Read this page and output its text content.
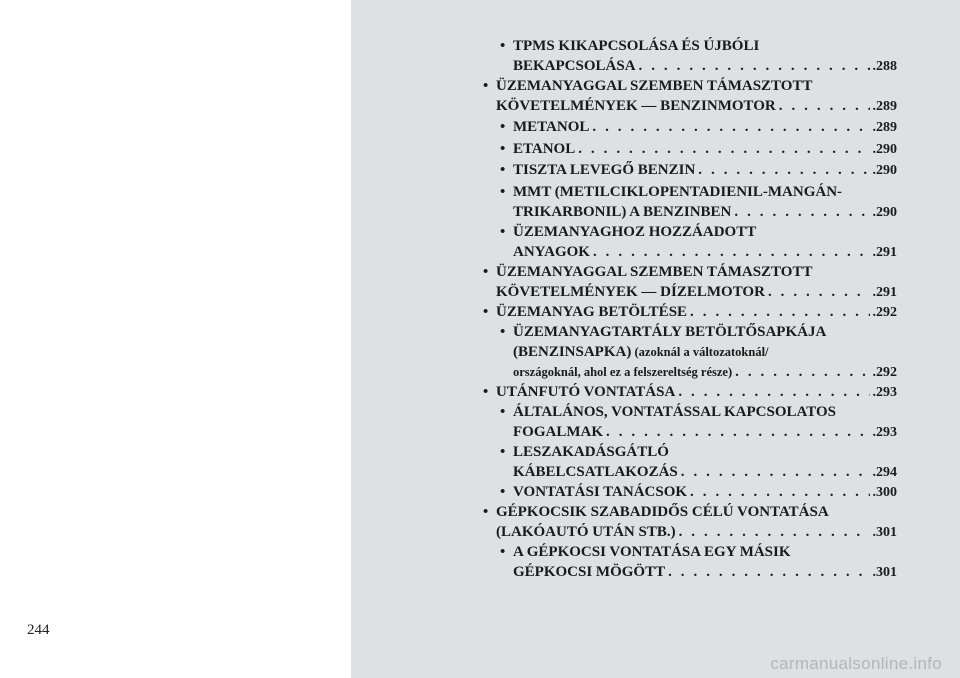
244
• TPMS KIKAPCSOLÁSA ÉS ÚJBÓLI
BEKAPCSOLÁSA . . .	.288
• ÜZEMANYAGGAL SZEMBEN TÁMASZTOTT
KÖVETELMÉNYEK — BENZINMOTOR . . .	.289
• METANOL . . .	.289
• ETANOL . . .	.290
• TISZTA LEVEGŐ BENZIN . . .	.290
• MMT (METILCIKLOPENTADIENIL-MANGÁN-
TRIKARBONIL) A BENZINBEN . . .	.290
• ÜZEMANYAGHOZ HOZZÁADOTT
ANYAGOK . . .	.291
• ÜZEMANYAGGAL SZEMBEN TÁMASZTOTT
KÖVETELMÉNYEK — DÍZELMOTOR . . .	.291
• ÜZEMANYAG BETÖLTÉSE . . .	.292
• ÜZEMANYAGTARTÁLY BETÖLTŐSAPKÁJA
(BENZINSAPKA) (azoknál a változatoknál/
országoknál, ahol ez a felszereltség része) . . .	.292
• UTÁNFUTÓ VONTATÁSA . . .	.293
• ÁLTALÁNOS, VONTATÁSSAL KAPCSOLATOS
FOGALMAK . . .	.293
• LESZAKADÁSGÁTLÓ
KÁBELCSATLAKOZÁS . . .	.294
• VONTATÁSI TANÁCSOK . . .	.300
• GÉPKOCSIK SZABADIDŐS CÉLÚ VONTATÁSA
(LAKÓAUTÓ UTÁN STB.) . . .	.301
• A GÉPKOCSI VONTATÁSA EGY MÁSIK
GÉPKOCSI MÖGÖTT . . .	.301
carmanualsonline.info
